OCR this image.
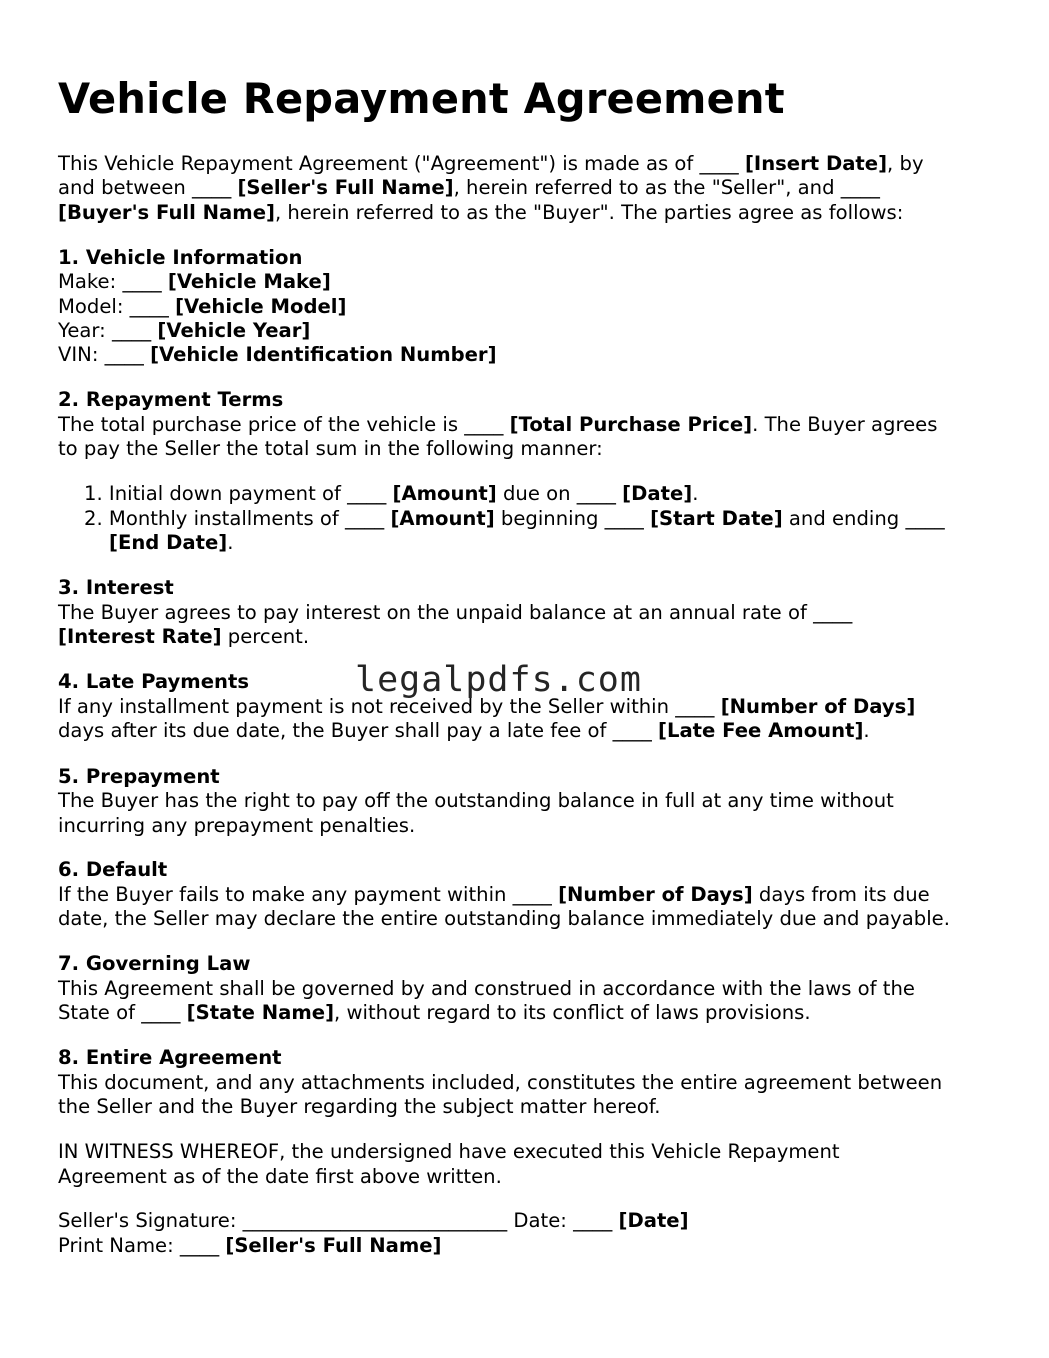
Vehicle Repayment Agreement
This Vehicle Repayment Agreement ("Agreement") is made as of ____ [Insert Date], by
and between ____ [Seller's Full Name], herein referred to as the "Seller", and ____
[Buyer's Full Name], herein referred to as the "Buyer". The parties agree as follows:
1. Vehicle Information
Make: ____ [Vehicle Make]
Model: ____ [Vehicle Model]
Year: ____ [Vehicle Year]
VIN: ____ [Vehicle Identification Number]
2. Repayment Terms
The total purchase price of the vehicle is ____ [Total Purchase Price]. The Buyer agrees
to pay the Seller the total sum in the following manner:
1. Initial down payment of ____ [Amount] due on ____ [Date].
2. Monthly installments of ____ [Amount] beginning ____ [Start Date] and ending ____
[End Date].
3. Interest
The Buyer agrees to pay interest on the unpaid balance at an annual rate of ____
[Interest Rate] percent.
4. Late Payments
If any installment payment is not received by the Seller within ____ [Number of Days]
days after its due date, the Buyer shall pay a late fee of ____ [Late Fee Amount].
5. Prepayment
The Buyer has the right to pay off the outstanding balance in full at any time without
incurring any prepayment penalties.
6. Default
If the Buyer fails to make any payment within ____ [Number of Days] days from its due
date, the Seller may declare the entire outstanding balance immediately due and payable.
7. Governing Law
This Agreement shall be governed by and construed in accordance with the laws of the
State of ____ [State Name], without regard to its conflict of laws provisions.
8. Entire Agreement
This document, and any attachments included, constitutes the entire agreement between
the Seller and the Buyer regarding the subject matter hereof.
IN WITNESS WHEREOF, the undersigned have executed this Vehicle Repayment
Agreement as of the date first above written.
Seller's Signature: ___________________________ Date: ____ [Date]
Print Name: ____ [Seller's Full Name]
legalpdfs.com
